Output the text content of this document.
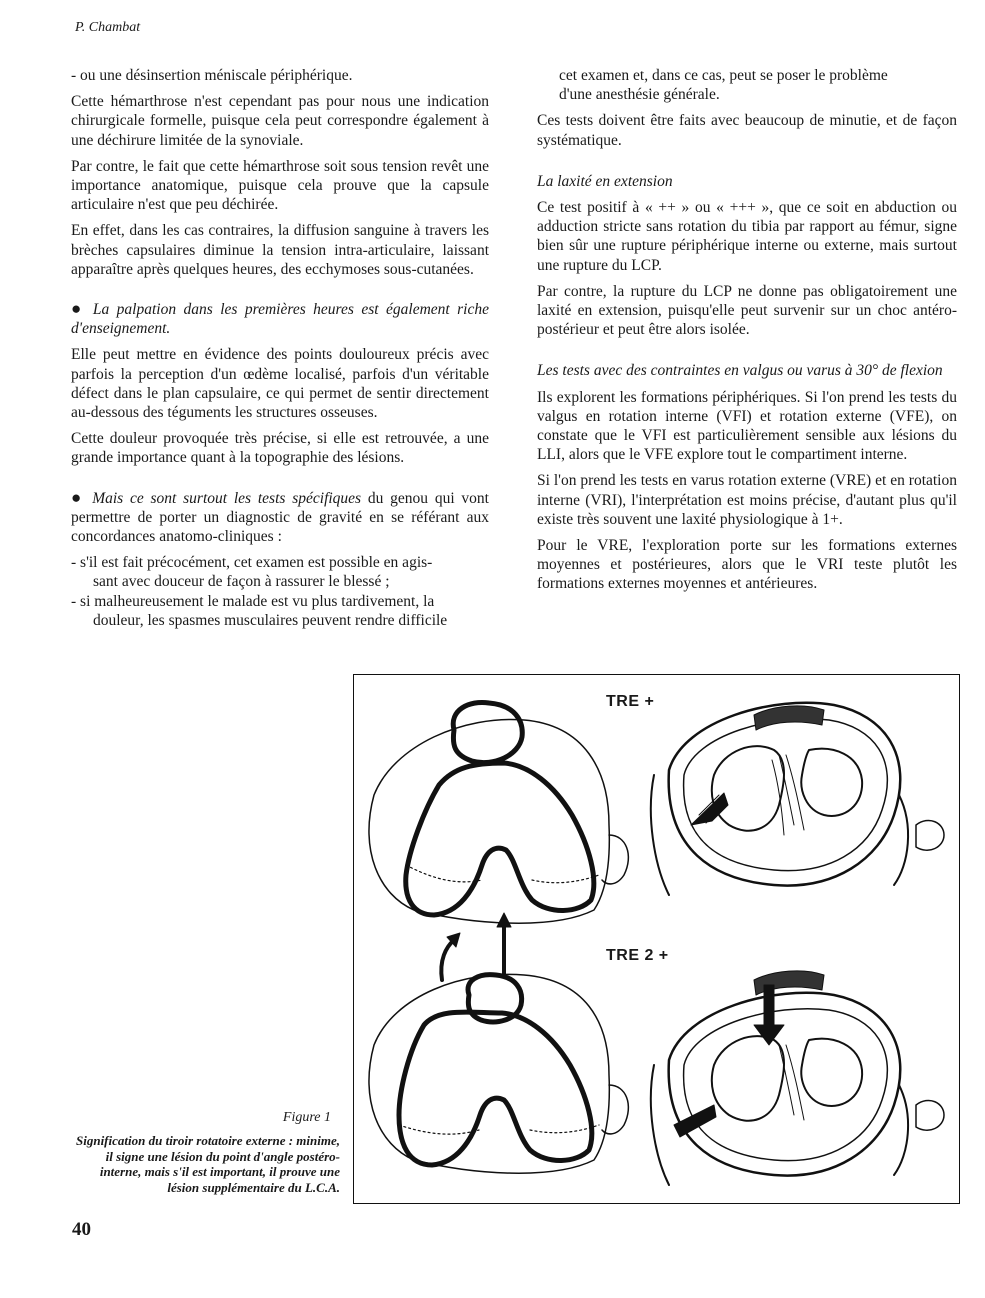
P. Chambat

- ou une désinsertion méniscale périphérique.

Cette hémarthrose n'est cependant pas pour nous une indication chirurgicale formelle, puisque cela peut correspondre également à une déchirure limitée de la synoviale.

Par contre, le fait que cette hémarthrose soit sous tension revêt une importance anatomique, puisque cela prouve que la capsule articulaire n'est que peu déchirée.

En effet, dans les cas contraires, la diffusion sanguine à travers les brèches capsulaires diminue la tension intra-articulaire, laissant apparaître après quelques heures, des ecchymoses sous-cutanées.

● La palpation dans les premières heures est également riche d'enseignement.

Elle peut mettre en évidence des points douloureux précis avec parfois la perception d'un œdème localisé, parfois d'un véritable défect dans le plan capsulaire, ce qui permet de sentir directement au-dessous des téguments les structures osseuses.

Cette douleur provoquée très précise, si elle est retrouvée, a une grande importance quant à la topographie des lésions.

● Mais ce sont surtout les tests spécifiques du genou qui vont permettre de porter un diagnostic de gravité en se référant aux concordances anatomo-cliniques :

- s'il est fait précocément, cet examen est possible en agis-
sant avec douceur de façon à rassurer le blessé ;
- si malheureusement le malade est vu plus tardivement, la
douleur, les spasmes musculaires peuvent rendre difficile

cet examen et, dans ce cas, peut se poser le problème

d'une anesthésie générale.

Ces tests doivent être faits avec beaucoup de minutie, et de façon systématique.

La laxité en extension

Ce test positif à « ++ » ou « +++ », que ce soit en abduction ou adduction stricte sans rotation du tibia par rapport au fémur, signe bien sûr une rupture périphérique interne ou externe, mais surtout une rupture du LCP.

Par contre, la rupture du LCP ne donne pas obligatoirement une laxité en extension, puisqu'elle peut survenir sur un choc antéro-postérieur et peut être alors isolée.

Les tests avec des contraintes en valgus ou varus à 30° de flexion

Ils explorent les formations périphériques. Si l'on prend les tests du valgus en rotation interne (VFI) et rotation externe (VFE), on constate que le VFI est particulièrement sensible aux lésions du LLI, alors que le VFE explore tout le compartiment interne.

Si l'on prend les tests en varus rotation externe (VRE) et en rotation interne (VRI), l'interprétation est moins précise, d'autant plus qu'il existe très souvent une laxité physiologique à 1+.

Pour le VRE, l'exploration porte sur les formations externes moyennes et postérieures, alors que le VRI teste plutôt les formations externes moyennes et antérieures.

TRE +
TRE 2 +
Figure 1
Signification du tiroir rotatoire externe : minime, il signe une lésion du point d'angle postéro-interne, mais s'il est important, il prouve une lésion supplémentaire du L.C.A.
40
